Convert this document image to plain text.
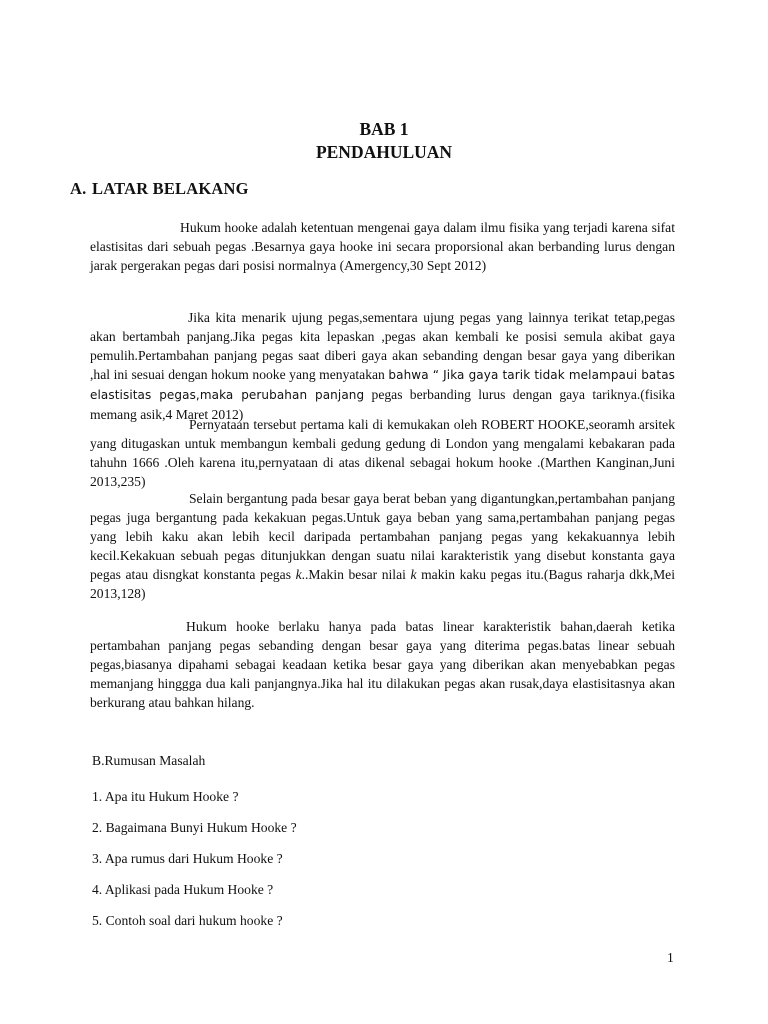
BAB 1
PENDAHULUAN
A. LATAR BELAKANG

Hukum hooke adalah ketentuan mengenai gaya dalam ilmu fisika yang terjadi karena sifat elastisitas dari sebuah pegas .Besarnya gaya hooke ini secara proporsional akan berbanding lurus dengan jarak pergerakan pegas dari posisi normalnya (Amergency,30 Sept 2012)

Jika kita menarik ujung pegas,sementara ujung pegas yang lainnya terikat tetap,pegas akan bertambah panjang.Jika pegas kita lepaskan ,pegas akan kembali ke posisi semula akibat gaya pemulih.Pertambahan panjang pegas saat diberi gaya akan sebanding dengan besar gaya yang diberikan ,hal ini sesuai dengan hokum nooke yang menyatakan bahwa “ Jika gaya tarik tidak melampaui batas elastisitas pegas,maka perubahan panjang pegas berbanding lurus dengan gaya tariknya.(fisika memang asik,4 Maret 2012)

Pernyataan tersebut pertama kali di kemukakan oleh ROBERT HOOKE,seoramh arsitek yang ditugaskan untuk membangun kembali gedung gedung di London yang mengalami kebakaran pada tahuhn 1666 .Oleh karena itu,pernyataan di atas dikenal sebagai hokum hooke .(Marthen Kanginan,Juni 2013,235)

Selain bergantung pada besar gaya berat beban yang digantungkan,pertambahan panjang pegas juga bergantung pada kekakuan pegas.Untuk gaya beban yang sama,pertambahan panjang pegas yang lebih kaku akan lebih kecil daripada pertambahan panjang pegas yang kekakuannya lebih kecil.Kekakuan sebuah pegas ditunjukkan dengan suatu nilai karakteristik yang disebut konstanta gaya pegas atau disngkat konstanta pegas k..Makin besar nilai k makin kaku pegas itu.(Bagus raharja dkk,Mei 2013,128)

Hukum hooke berlaku hanya pada batas linear karakteristik bahan,daerah ketika pertambahan panjang pegas sebanding dengan besar gaya yang diterima pegas.batas linear sebuah pegas,biasanya dipahami sebagai keadaan ketika besar gaya yang diberikan akan menyebabkan pegas memanjang hinggga dua kali panjangnya.Jika hal itu dilakukan pegas akan rusak,daya elastisitasnya akan berkurang atau bahkan hilang.

B.Rumusan Masalah
1. Apa itu Hukum Hooke ?
2. Bagaimana Bunyi Hukum Hooke ?
3. Apa rumus dari Hukum Hooke ?
4. Aplikasi pada Hukum Hooke ?
5. Contoh soal dari hukum hooke ?
1
